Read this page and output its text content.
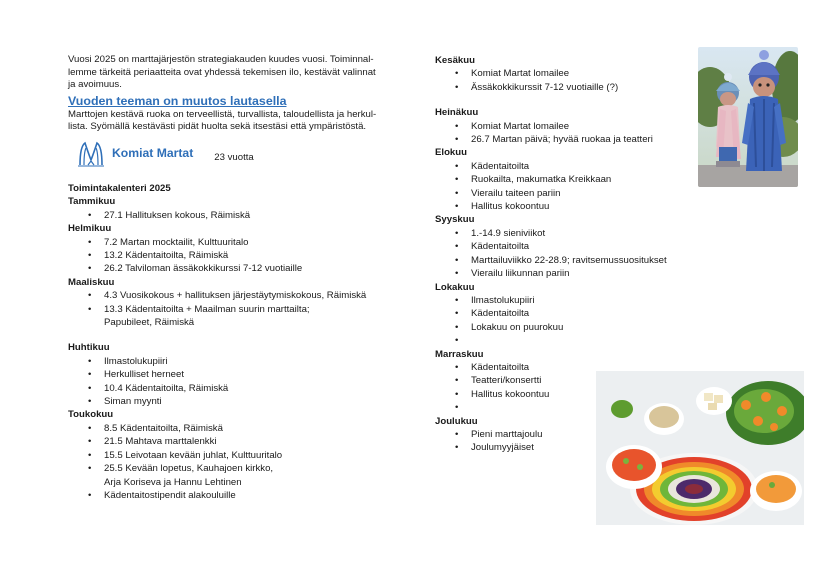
Vuosi 2025 on marttajärjestön strategiakauden kuudes vuosi. Toiminnal-

lemme tärkeitä periaatteita ovat yhdessä tekemisen ilo, kestävät valinnat

ja avoimuus.

Vuoden teeman on muutos lautasella

Marttojen kestävä ruoka on terveellistä, turvallista, taloudellista ja herkul-

lista. Syömällä kestävästi pidät huolta sekä itsestäsi että ympäristöstä.

Komiat Martat 23 vuotta
Toimintakalenteri 2025
Tammikuu
• 27.1 Hallituksen kokous, Räimiskä
Helmikuu
• 7.2 Martan mocktailit, Kulttuuritalo
• 13.2 Kädentaitoilta, Räimiskä
• 26.2 Talviloman ässäkokkikurssi 7-12 vuotiaille
Maaliskuu
• 4.3 Vuosikokous + hallituksen järjestäytymiskokous, Räimiskä
• 13.3 Kädentaitoilta + Maailman suurin marttailta;
Papubileet, Räimiskä
Huhtikuu
• Ilmastolukupiiri
• Herkulliset herneet
• 10.4 Kädentaitoilta, Räimiskä
• Siman myynti
Toukokuu
• 8.5 Kädentaitoilta, Räimiskä
• 21.5 Mahtava marttalenkki
• 15.5 Leivotaan kevään juhlat, Kulttuuritalo
• 25.5 Kevään lopetus, Kauhajoen kirkko,
Arja Koriseva ja Hannu Lehtinen
• Kädentaitostipendit alakouluille
Kesäkuu
• Komiat Martat lomailee
• Ässäkokkikurssit 7-12 vuotiaille (?)
Heinäkuu
• Komiat Martat lomailee
• 26.7 Martan päivä; hyvää ruokaa ja teatteri
Elokuu
• Kädentaitoilta
• Ruokailta, makumatka Kreikkaan
• Vierailu taiteen pariin
• Hallitus kokoontuu
Syyskuu
• 1.-14.9 sieniviikot
• Kädentaitoilta
• Marttailuviikko 22-28.9; ravitsemussuositukset
• Vierailu liikunnan pariin
Lokakuu
• Ilmastolukupiiri
• Kädentaitoilta
• Lokakuu on puurokuu
•
Marraskuu
• Kädentaitoilta
• Teatteri/konsertti
• Hallitus kokoontuu
•
Joulukuu
• Pieni marttajoulu
• Joulumyyjäiset
